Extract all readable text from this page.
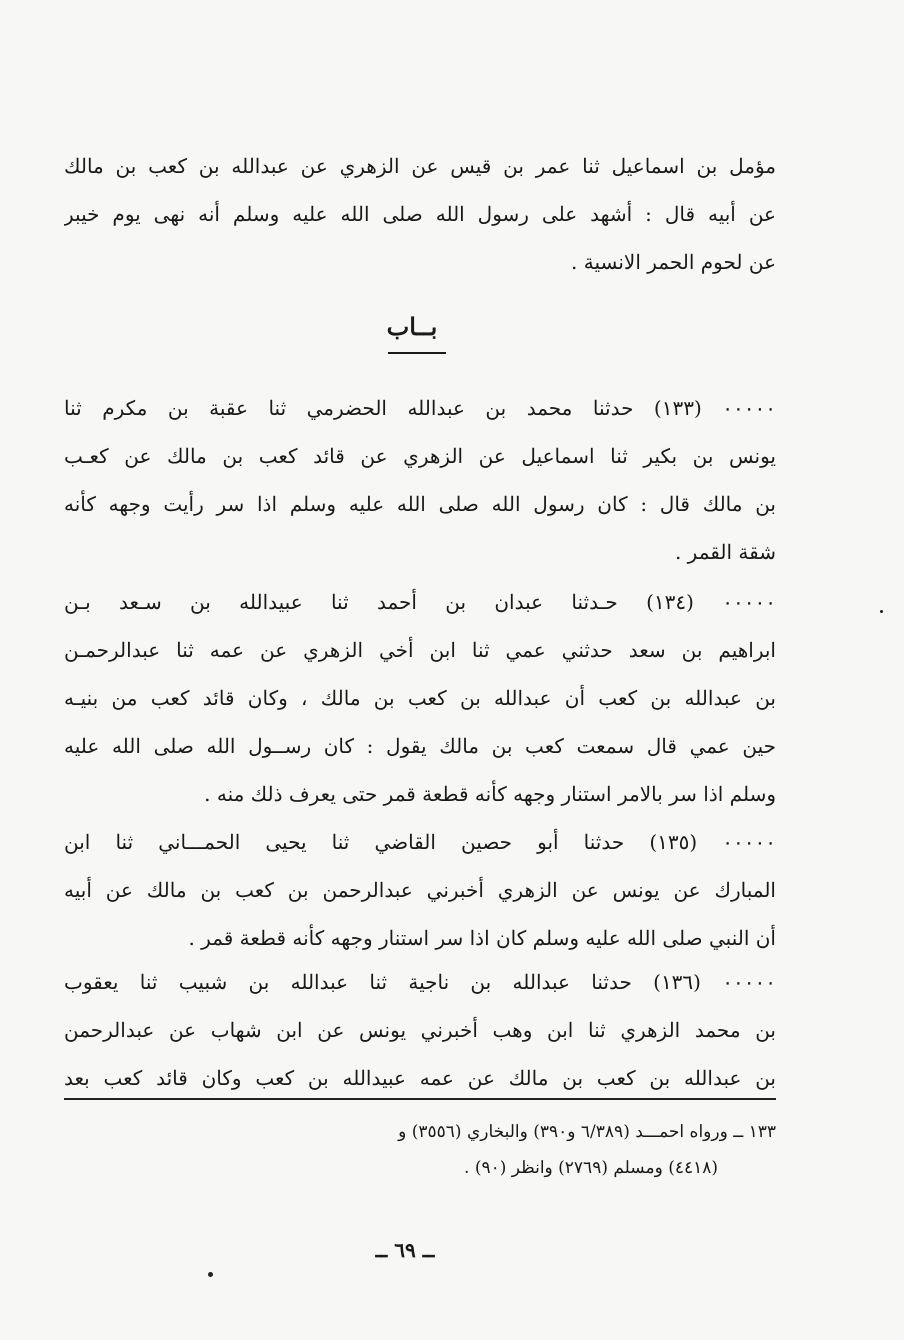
مؤمل بن اسماعيل ثنا عمر بن قيس عن الزهري عن عبدالله بن كعب بن مالك
عن أبيه قال : أشهد على رسول الله صلى الله عليه وسلم أنه نهى يوم خيبر
عن لحوم الحمر الانسية .
بــاب
٠٠٠٠٠ (١٣٣) حدثنا محمد بن عبدالله الحضرمي ثنا عقبة بن مكرم ثنا
يونس بن بكير ثنا اسماعيل عن الزهري عن قائد كعب بن مالك عن كعـب
بن مالك قال : كان رسول الله صلى الله عليه وسلم اذا سر رأيت وجهه كأنه
شقة القمر .
٠٠٠٠٠ (١٣٤) حـدثنا عبدان بن أحمد ثنا عبيدالله بن سـعد بـن
ابراهيم بن سعد حدثني عمي ثنا ابن أخي الزهري عن عمه ثنا عبدالرحمـن
بن عبدالله بن كعب أن عبدالله بن كعب بن مالك ، وكان قائد كعب من بنيـه
حين عمي قال سمعت كعب بن مالك يقول : كان رســول الله صلى الله عليه
وسلم اذا سر بالامر استنار وجهه كأنه قطعة قمر حتى يعرف ذلك منه .
٠٠٠٠٠ (١٣٥) حدثنا أبو حصين القاضي ثنا يحيى الحمـــاني ثنا ابن
المبارك عن يونس عن الزهري أخبرني عبدالرحمن بن كعب بن مالك عن أبيه
أن النبي صلى الله عليه وسلم كان اذا سر استنار وجهه كأنه قطعة قمر .
٠٠٠٠٠ (١٣٦) حدثنا عبدالله بن ناجية ثنا عبدالله بن شبيب ثنا يعقوب
بن محمد الزهري ثنا ابن وهب أخبرني يونس عن ابن شهاب عن عبدالرحمن
بن عبدالله بن كعب بن مالك عن عمه عبيدالله بن كعب وكان قائد كعب بعد
١٣٣ ــ ورواه احمـــد (٦/٣٨٩ و٣٩٠) والبخاري (٣٥٥٦) و
(٤٤١٨) ومسلم (٢٧٦٩) وانظر (٩٠) .
ــ ٦٩ ــ
